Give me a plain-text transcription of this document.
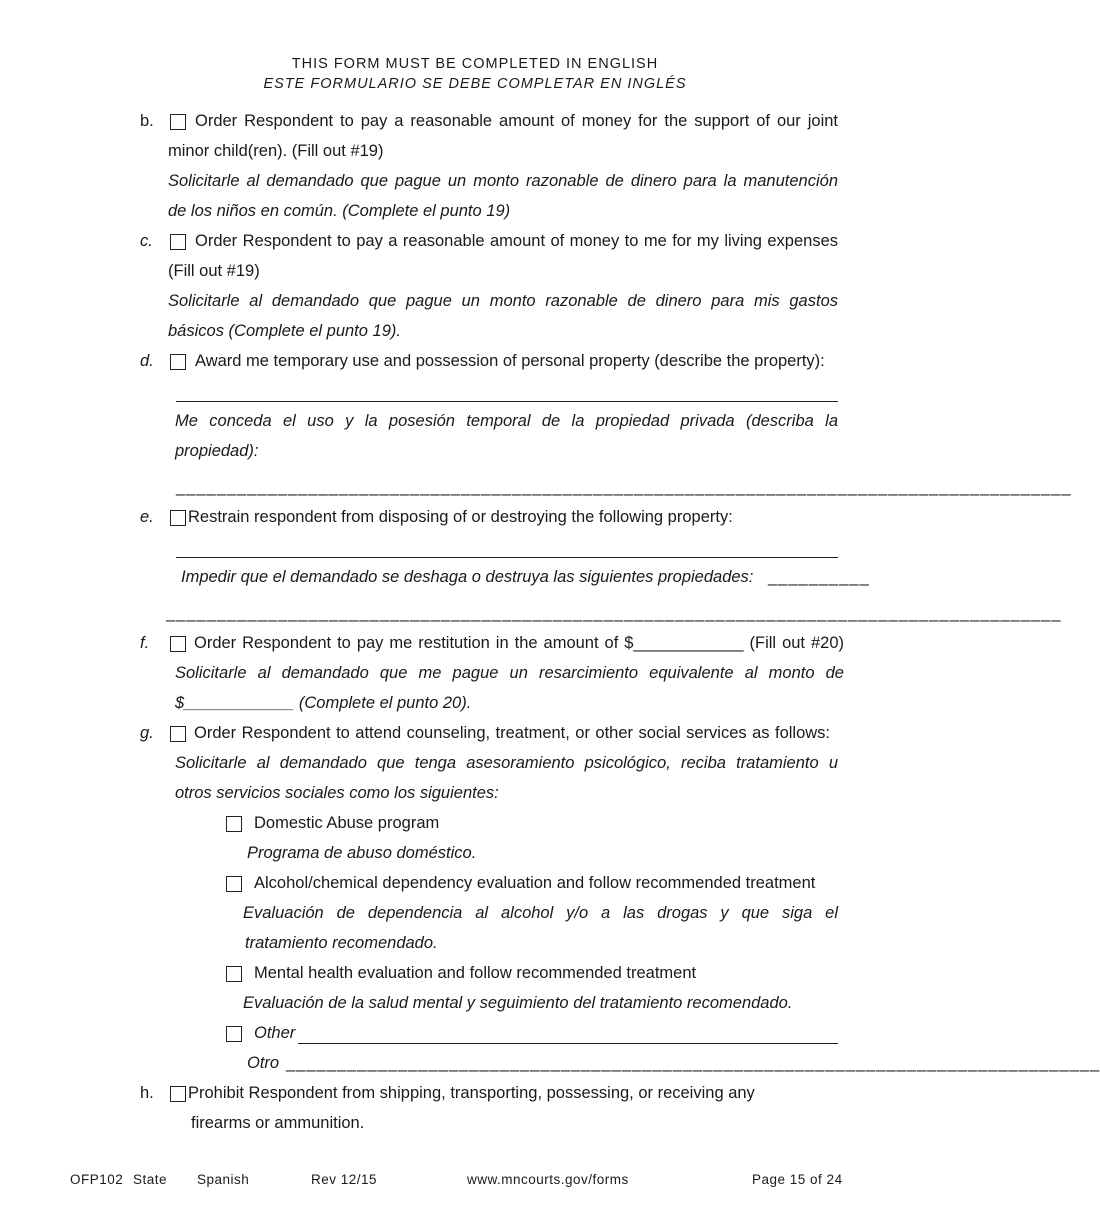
THIS FORM MUST BE COMPLETED IN ENGLISH
ESTE FORMULARIO SE DEBE COMPLETAR EN INGLÉS
b. Order Respondent to pay a reasonable amount of money for the support of our joint
minor child(ren). (Fill out #19)
Solicitarle al demandado que pague un monto razonable de dinero para la manutención
de los niños en común. (Complete el punto 19)
c.	Order Respondent to pay a reasonable amount of money to me for my living expenses
(Fill out #19)
Solicitarle al demandado que pague un monto razonable de dinero para mis gastos
básicos (Complete el punto 19).
d. Award me temporary use and possession of personal property (describe the property):
Me conceda el uso y la posesión temporal de la propiedad privada (describa la
propiedad):
________________________________________________________________________________________
e. Restrain respondent from disposing of or destroying the following property:
Impedir que el demandado se deshaga o destruya las siguientes propiedades: __________
________________________________________________________________________________________
f.	Order Respondent to pay me restitution in the amount of $____________ (Fill out #20)
Solicitarle al demandado que me pague un resarcimiento equivalente al monto de
$____________ (Complete el punto 20).
g. Order Respondent to attend counseling, treatment, or other social services as follows:
Solicitarle al demandado que tenga asesoramiento psicológico, reciba tratamiento u
otros servicios sociales como los siguientes:
Domestic Abuse program
Programa de abuso doméstico.
Alcohol/chemical dependency evaluation and follow recommended treatment
Evaluación de dependencia al alcohol y/o a las drogas y que siga el
tratamiento recomendado.
Mental health evaluation and follow recommended treatment
Evaluación de la salud mental y seguimiento del tratamiento recomendado.
Other
Otro ________________________________________________________________________________
h. Prohibit Respondent from shipping, transporting, possessing, or receiving any
firearms or ammunition.
OFP102 State Spanish	Rev 12/15	www.mncourts.gov/forms	Page 15 of 24
